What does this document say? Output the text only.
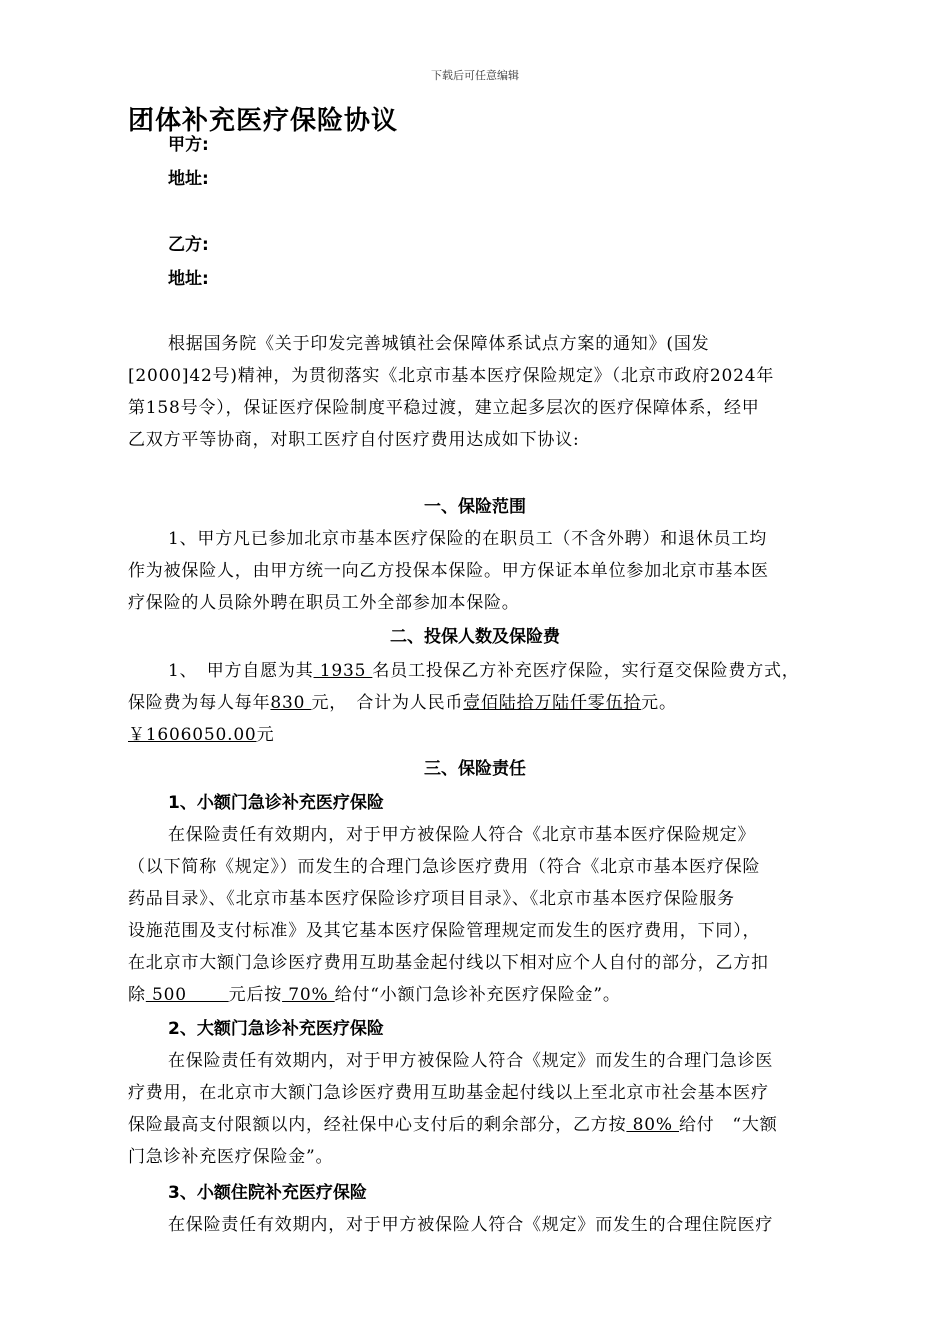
下载后可任意编辑
团体补充医疗保险协议
甲方:
地址:
乙方:
地址:
根据国务院《关于印发完善城镇社会保障体系试点方案的通知》(国发
[2000]42号)精神，为贯彻落实《北京市基本医疗保险规定》（北京市政府2024年
第158号令），保证医疗保险制度平稳过渡，建立起多层次的医疗保障体系，经甲
乙双方平等协商，对职工医疗自付医疗费用达成如下协议:
一、保险范围
1、甲方凡已参加北京市基本医疗保险的在职员工（不含外聘）和退休员工均
作为被保险人，由甲方统一向乙方投保本保险。甲方保证本单位参加北京市基本医
疗保险的人员除外聘在职员工外全部参加本保险。
二、投保人数及保险费
1、　甲方自愿为其 1935 名员工投保乙方补充医疗保险，实行趸交保险费方式，
保险费为每人每年830 元，　合计为人民币壹佰陆拾万陆仟零伍拾元。
￥1606050.00元
三、保险责任
1、小额门急诊补充医疗保险
在保险责任有效期内，对于甲方被保险人符合《北京市基本医疗保险规定》
（以下简称《规定》）而发生的合理门急诊医疗费用（符合《北京市基本医疗保险
药品目录》、《北京市基本医疗保险诊疗项目目录》、《北京市基本医疗保险服务
设施范围及支付标准》及其它基本医疗保险管理规定而发生的医疗费用，下同），
在北京市大额门急诊医疗费用互助基金起付线以下相对应个人自付的部分，乙方扣
除 500　　 元后按 70% 给付“小额门急诊补充医疗保险金”。
2、大额门急诊补充医疗保险
在保险责任有效期内，对于甲方被保险人符合《规定》而发生的合理门急诊医
疗费用，在北京市大额门急诊医疗费用互助基金起付线以上至北京市社会基本医疗
保险最高支付限额以内，经社保中心支付后的剩余部分，乙方按 80% 给付　“大额
门急诊补充医疗保险金”。
3、小额住院补充医疗保险
在保险责任有效期内，对于甲方被保险人符合《规定》而发生的合理住院医疗
